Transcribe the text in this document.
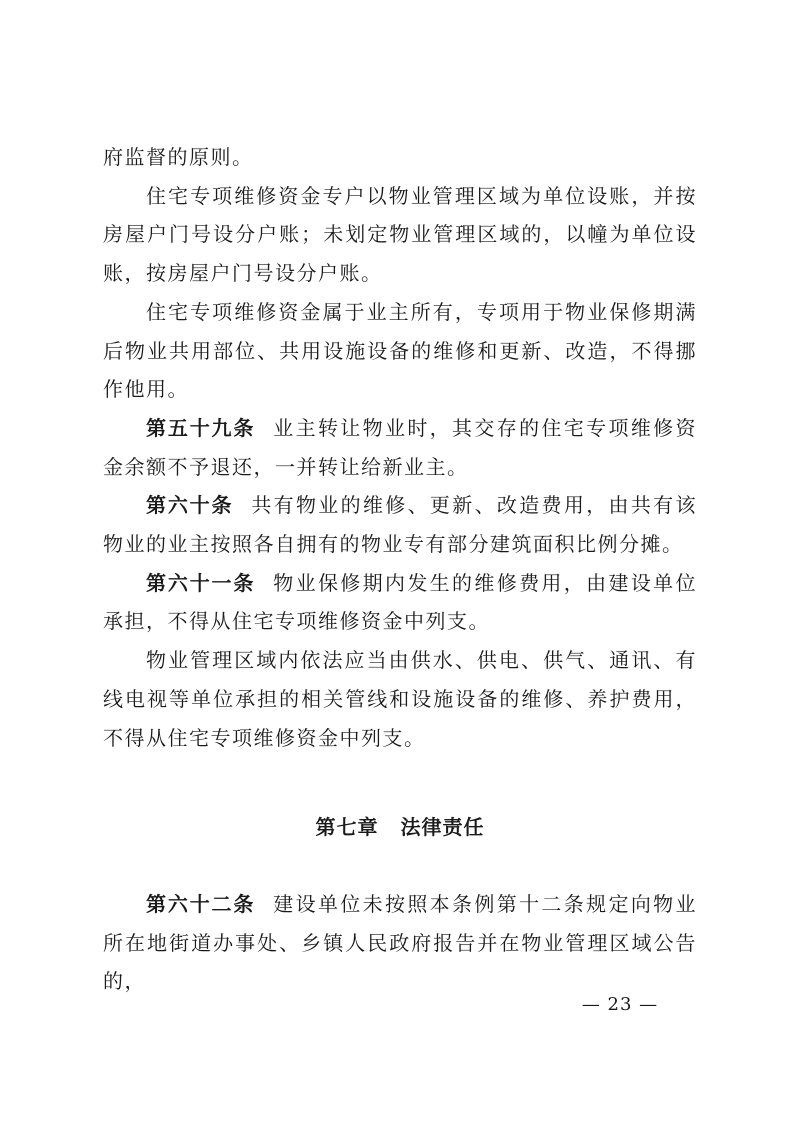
府监督的原则。

住宅专项维修资金专户以物业管理区域为单位设账，并按房屋户门号设分户账；未划定物业管理区域的，以幢为单位设账，按房屋户门号设分户账。

住宅专项维修资金属于业主所有，专项用于物业保修期满后物业共用部位、共用设施设备的维修和更新、改造，不得挪作他用。

第五十九条 业主转让物业时，其交存的住宅专项维修资金余额不予退还，一并转让给新业主。

第六十条 共有物业的维修、更新、改造费用，由共有该物业的业主按照各自拥有的物业专有部分建筑面积比例分摊。

第六十一条 物业保修期内发生的维修费用，由建设单位承担，不得从住宅专项维修资金中列支。

物业管理区域内依法应当由供水、供电、供气、通讯、有线电视等单位承担的相关管线和设施设备的维修、养护费用，不得从住宅专项维修资金中列支。

第七章 法律责任

第六十二条 建设单位未按照本条例第十二条规定向物业所在地街道办事处、乡镇人民政府报告并在物业管理区域公告的，

— 23 —
